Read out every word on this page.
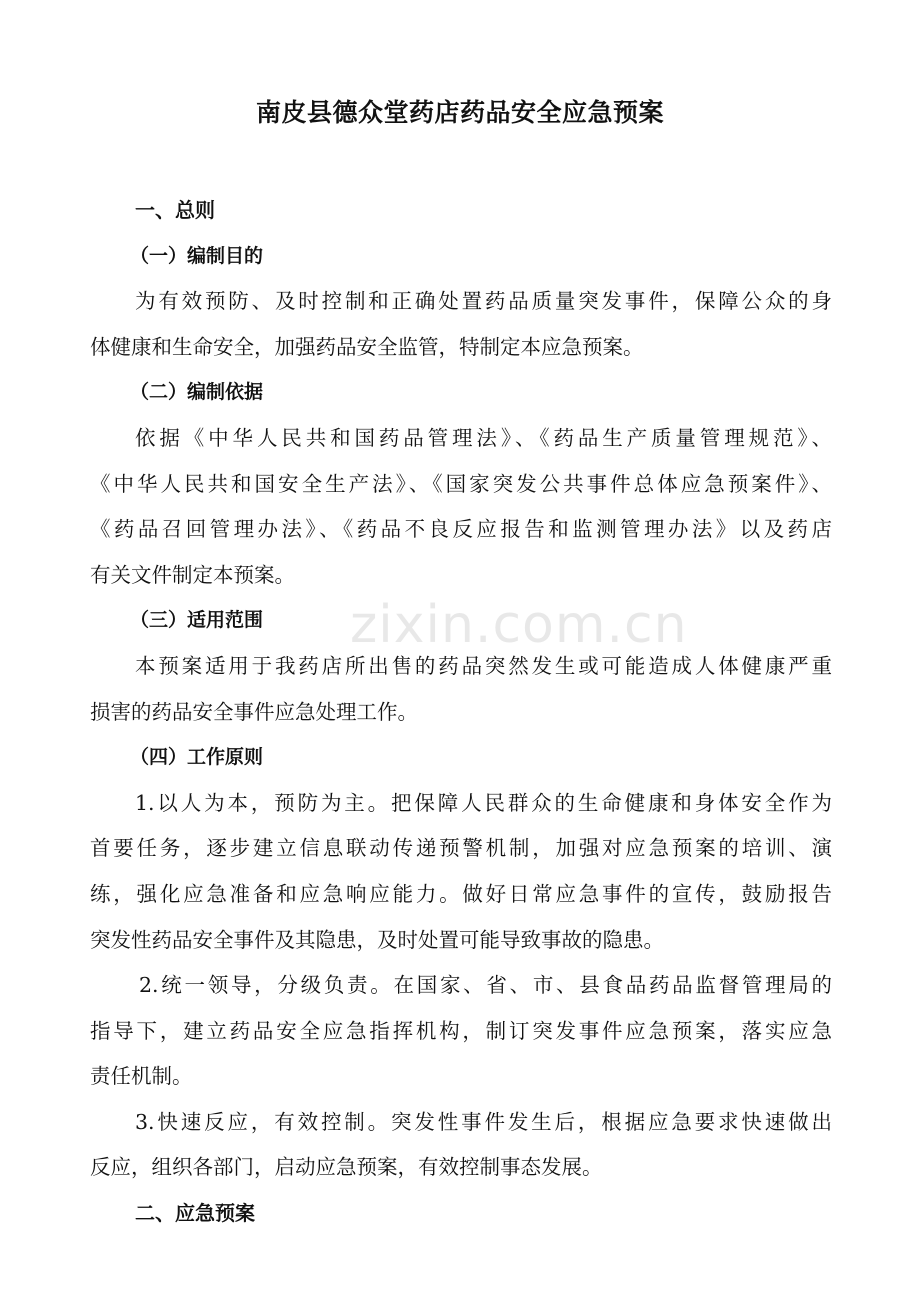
南皮县德众堂药店药品安全应急预案
zixin.com.cn
一、总则
（一）编制目的
为有效预防、及时控制和正确处置药品质量突发事件，保障公众的身
体健康和生命安全，加强药品安全监管，特制定本应急预案。
（二）编制依据
依据《中华人民共和国药品管理法》、《药品生产质量管理规范》、
《中华人民共和国安全生产法》、《国家突发公共事件总体应急预案件》、
《药品召回管理办法》、《药品不良反应报告和监测管理办法》以及药店
有关文件制定本预案。
（三）适用范围
本预案适用于我药店所出售的药品突然发生或可能造成人体健康严重
损害的药品安全事件应急处理工作。
（四）工作原则
1.以人为本，预防为主。把保障人民群众的生命健康和身体安全作为
首要任务，逐步建立信息联动传递预警机制，加强对应急预案的培训、演
练，强化应急准备和应急响应能力。做好日常应急事件的宣传，鼓励报告
突发性药品安全事件及其隐患，及时处置可能导致事故的隐患。
2.统一领导，分级负责。在国家、省、市、县食品药品监督管理局的
指导下，建立药品安全应急指挥机构，制订突发事件应急预案，落实应急
责任机制。
3.快速反应，有效控制。突发性事件发生后，根据应急要求快速做出
反应，组织各部门，启动应急预案，有效控制事态发展。
二、应急预案
